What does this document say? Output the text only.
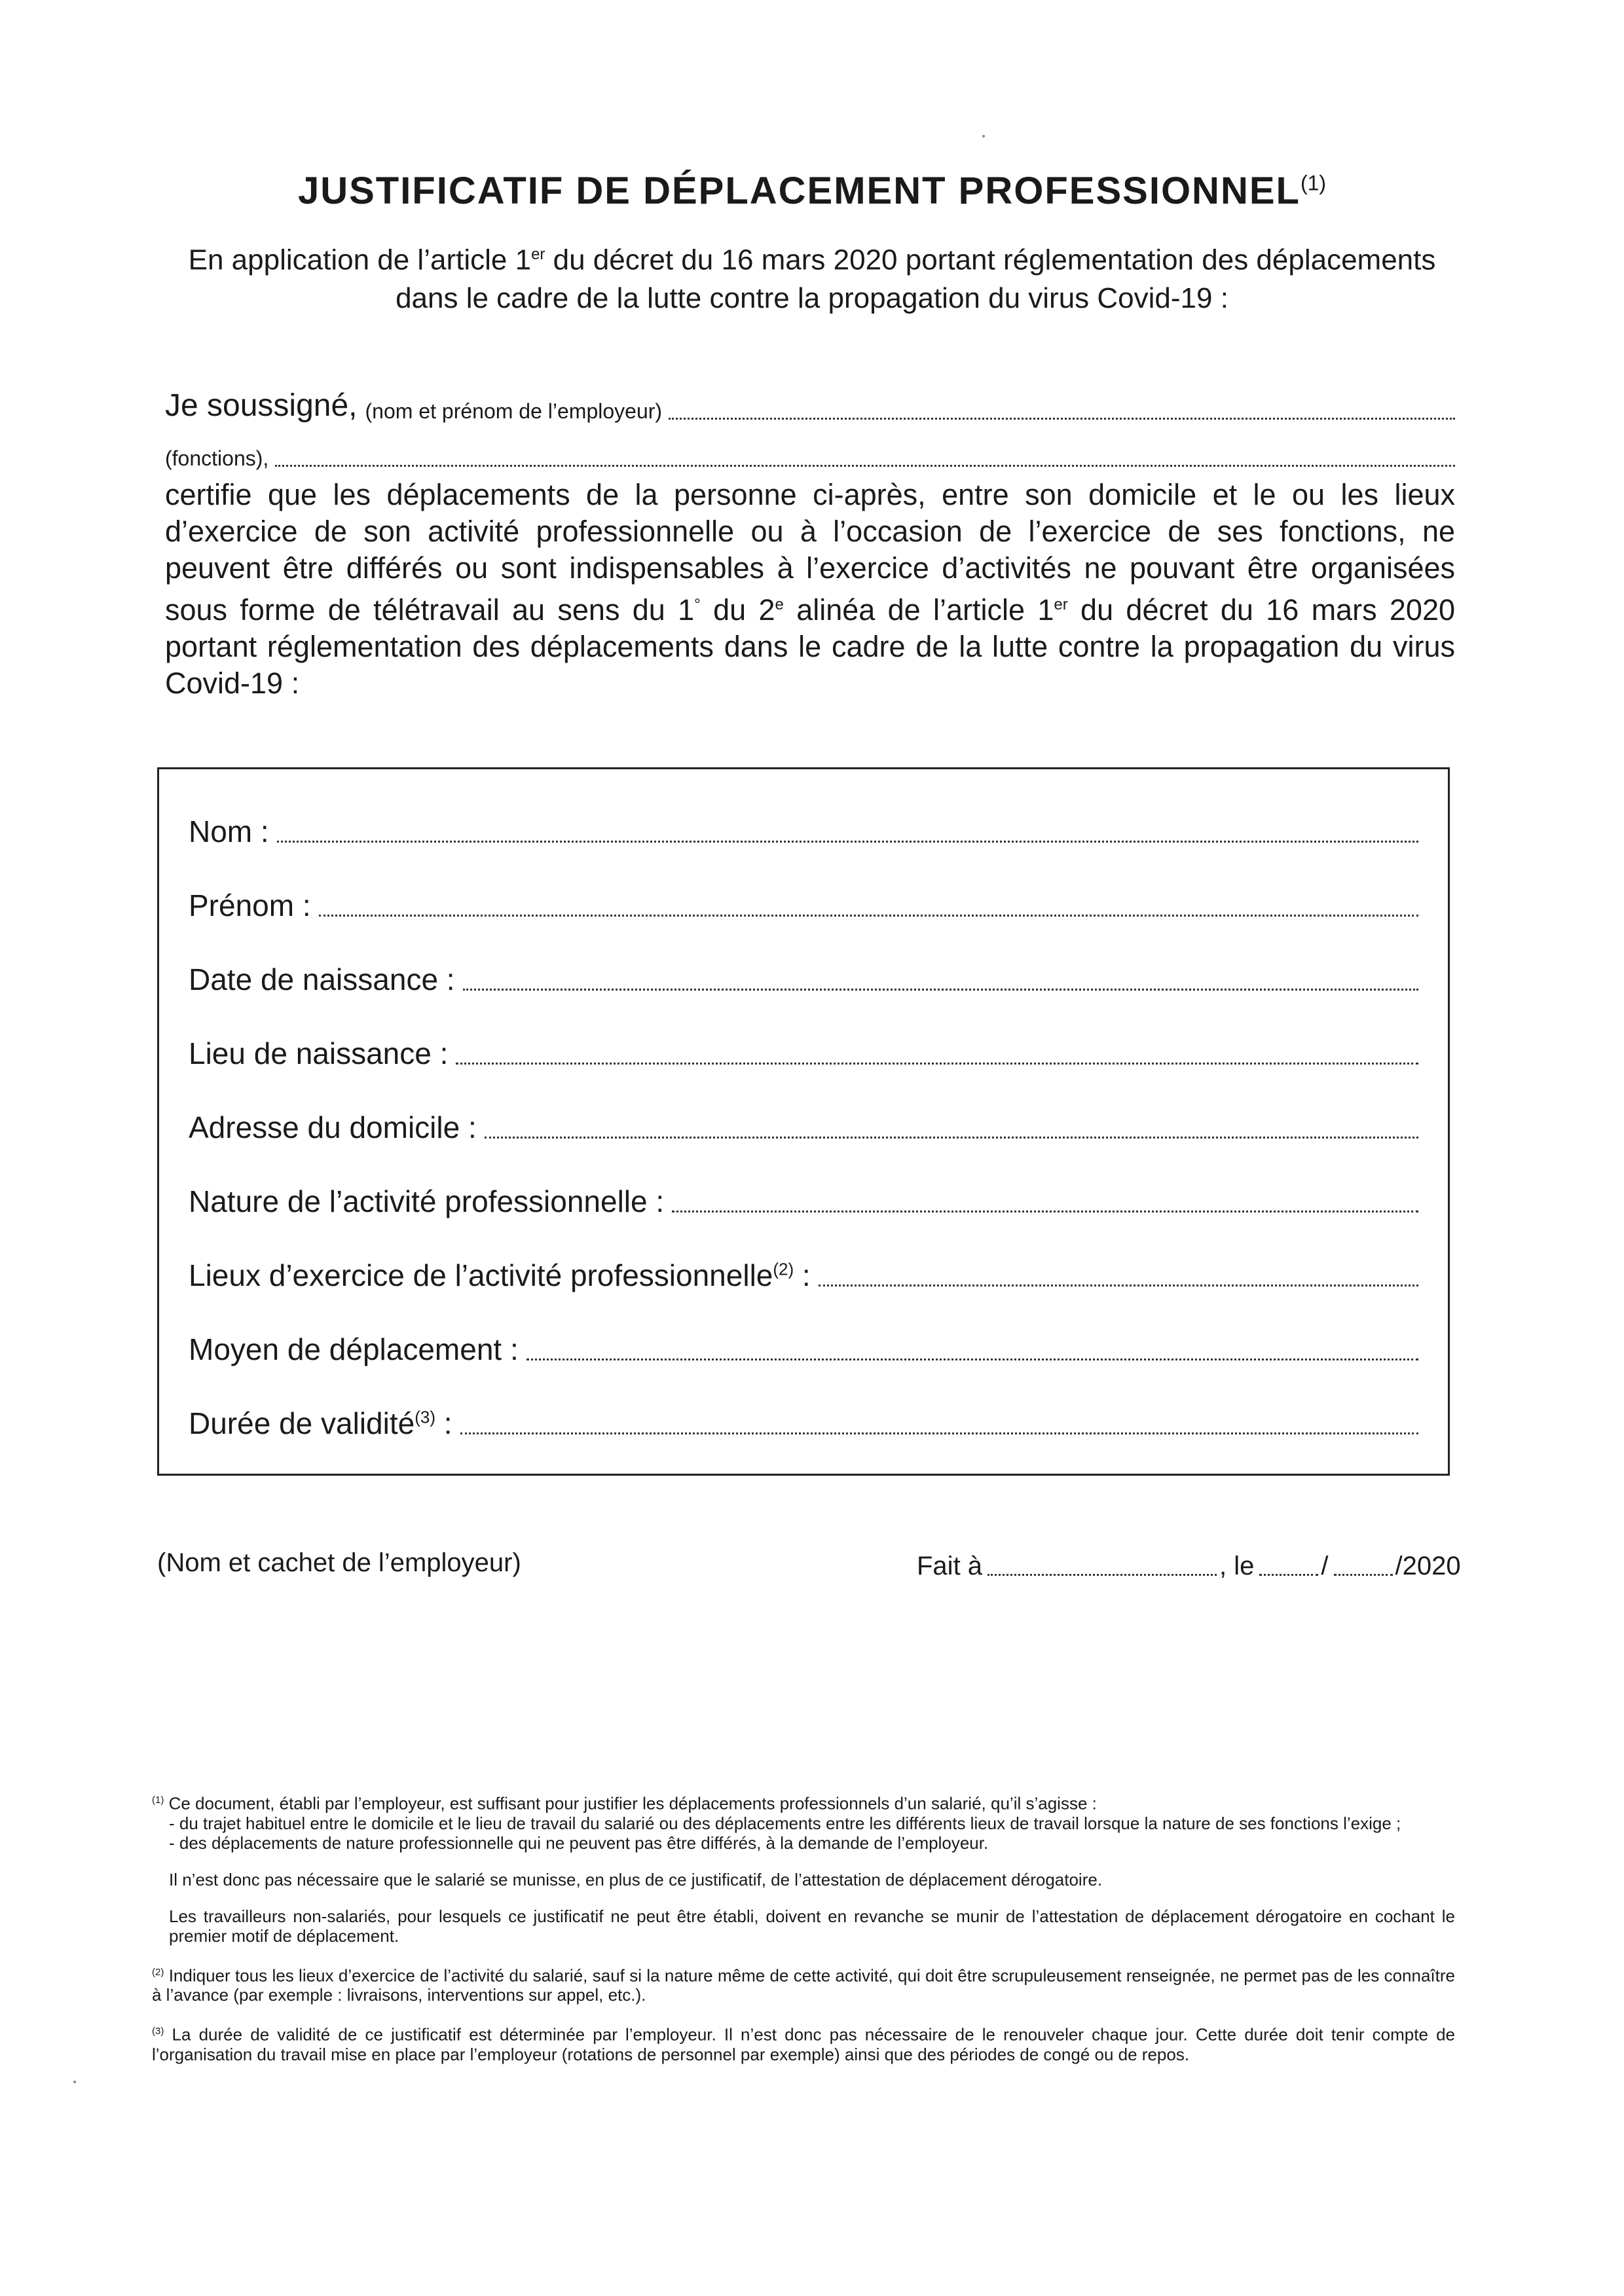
JUSTIFICATIF DE DÉPLACEMENT PROFESSIONNEL$^{(1)}$
En application de l’article 1er du décret du 16 mars 2020 portant réglementation des déplacements dans le cadre de la lutte contre la propagation du virus Covid-19 :
Je soussigné, (nom et prénom de l’employeur)
(fonctions),
certifie que les déplacements de la personne ci-après, entre son domicile et le ou les lieux d’exercice de son activité professionnelle ou à l’occasion de l’exercice de ses fonctions, ne peuvent être différés ou sont indispensables à l’exercice d’activités ne pouvant être organisées sous forme de télétravail au sens du 1° du 2e alinéa de l’article 1er du décret du 16 mars 2020 portant réglementation des déplacements dans le cadre de la lutte contre la propagation du virus Covid-19 :
Nom :
Prénom :
Date de naissance :
Lieu de naissance :
Adresse du domicile :
Nature de l’activité professionnelle :
Lieux d’exercice de l’activité professionnelle$^{(2)}$ :
Moyen de déplacement :
Durée de validité$^{(3)}$ :
(Nom et cachet de l’employeur)	Fait à	, le	/	/2020

$^{(1)}$ Ce document, établi par l’employeur, est suffisant pour justifier les déplacements professionnels d’un salarié, qu’il s’agisse :
- du trajet habituel entre le domicile et le lieu de travail du salarié ou des déplacements entre les différents lieux de travail lorsque la nature de ses fonctions l’exige ;
- des déplacements de nature professionnelle qui ne peuvent pas être différés, à la demande de l’employeur.

Il n’est donc pas nécessaire que le salarié se munisse, en plus de ce justificatif, de l’attestation de déplacement dérogatoire.

Les travailleurs non-salariés, pour lesquels ce justificatif ne peut être établi, doivent en revanche se munir de l’attestation de déplacement dérogatoire en cochant le premier motif de déplacement.

$^{(2)}$ Indiquer tous les lieux d’exercice de l’activité du salarié, sauf si la nature même de cette activité, qui doit être scrupuleusement renseignée, ne permet pas de les connaître à l’avance (par exemple : livraisons, interventions sur appel, etc.).

$^{(3)}$ La durée de validité de ce justificatif est déterminée par l’employeur. Il n’est donc pas nécessaire de le renouveler chaque jour. Cette durée doit tenir compte de l’organisation du travail mise en place par l’employeur (rotations de personnel par exemple) ainsi que des périodes de congé ou de repos.
